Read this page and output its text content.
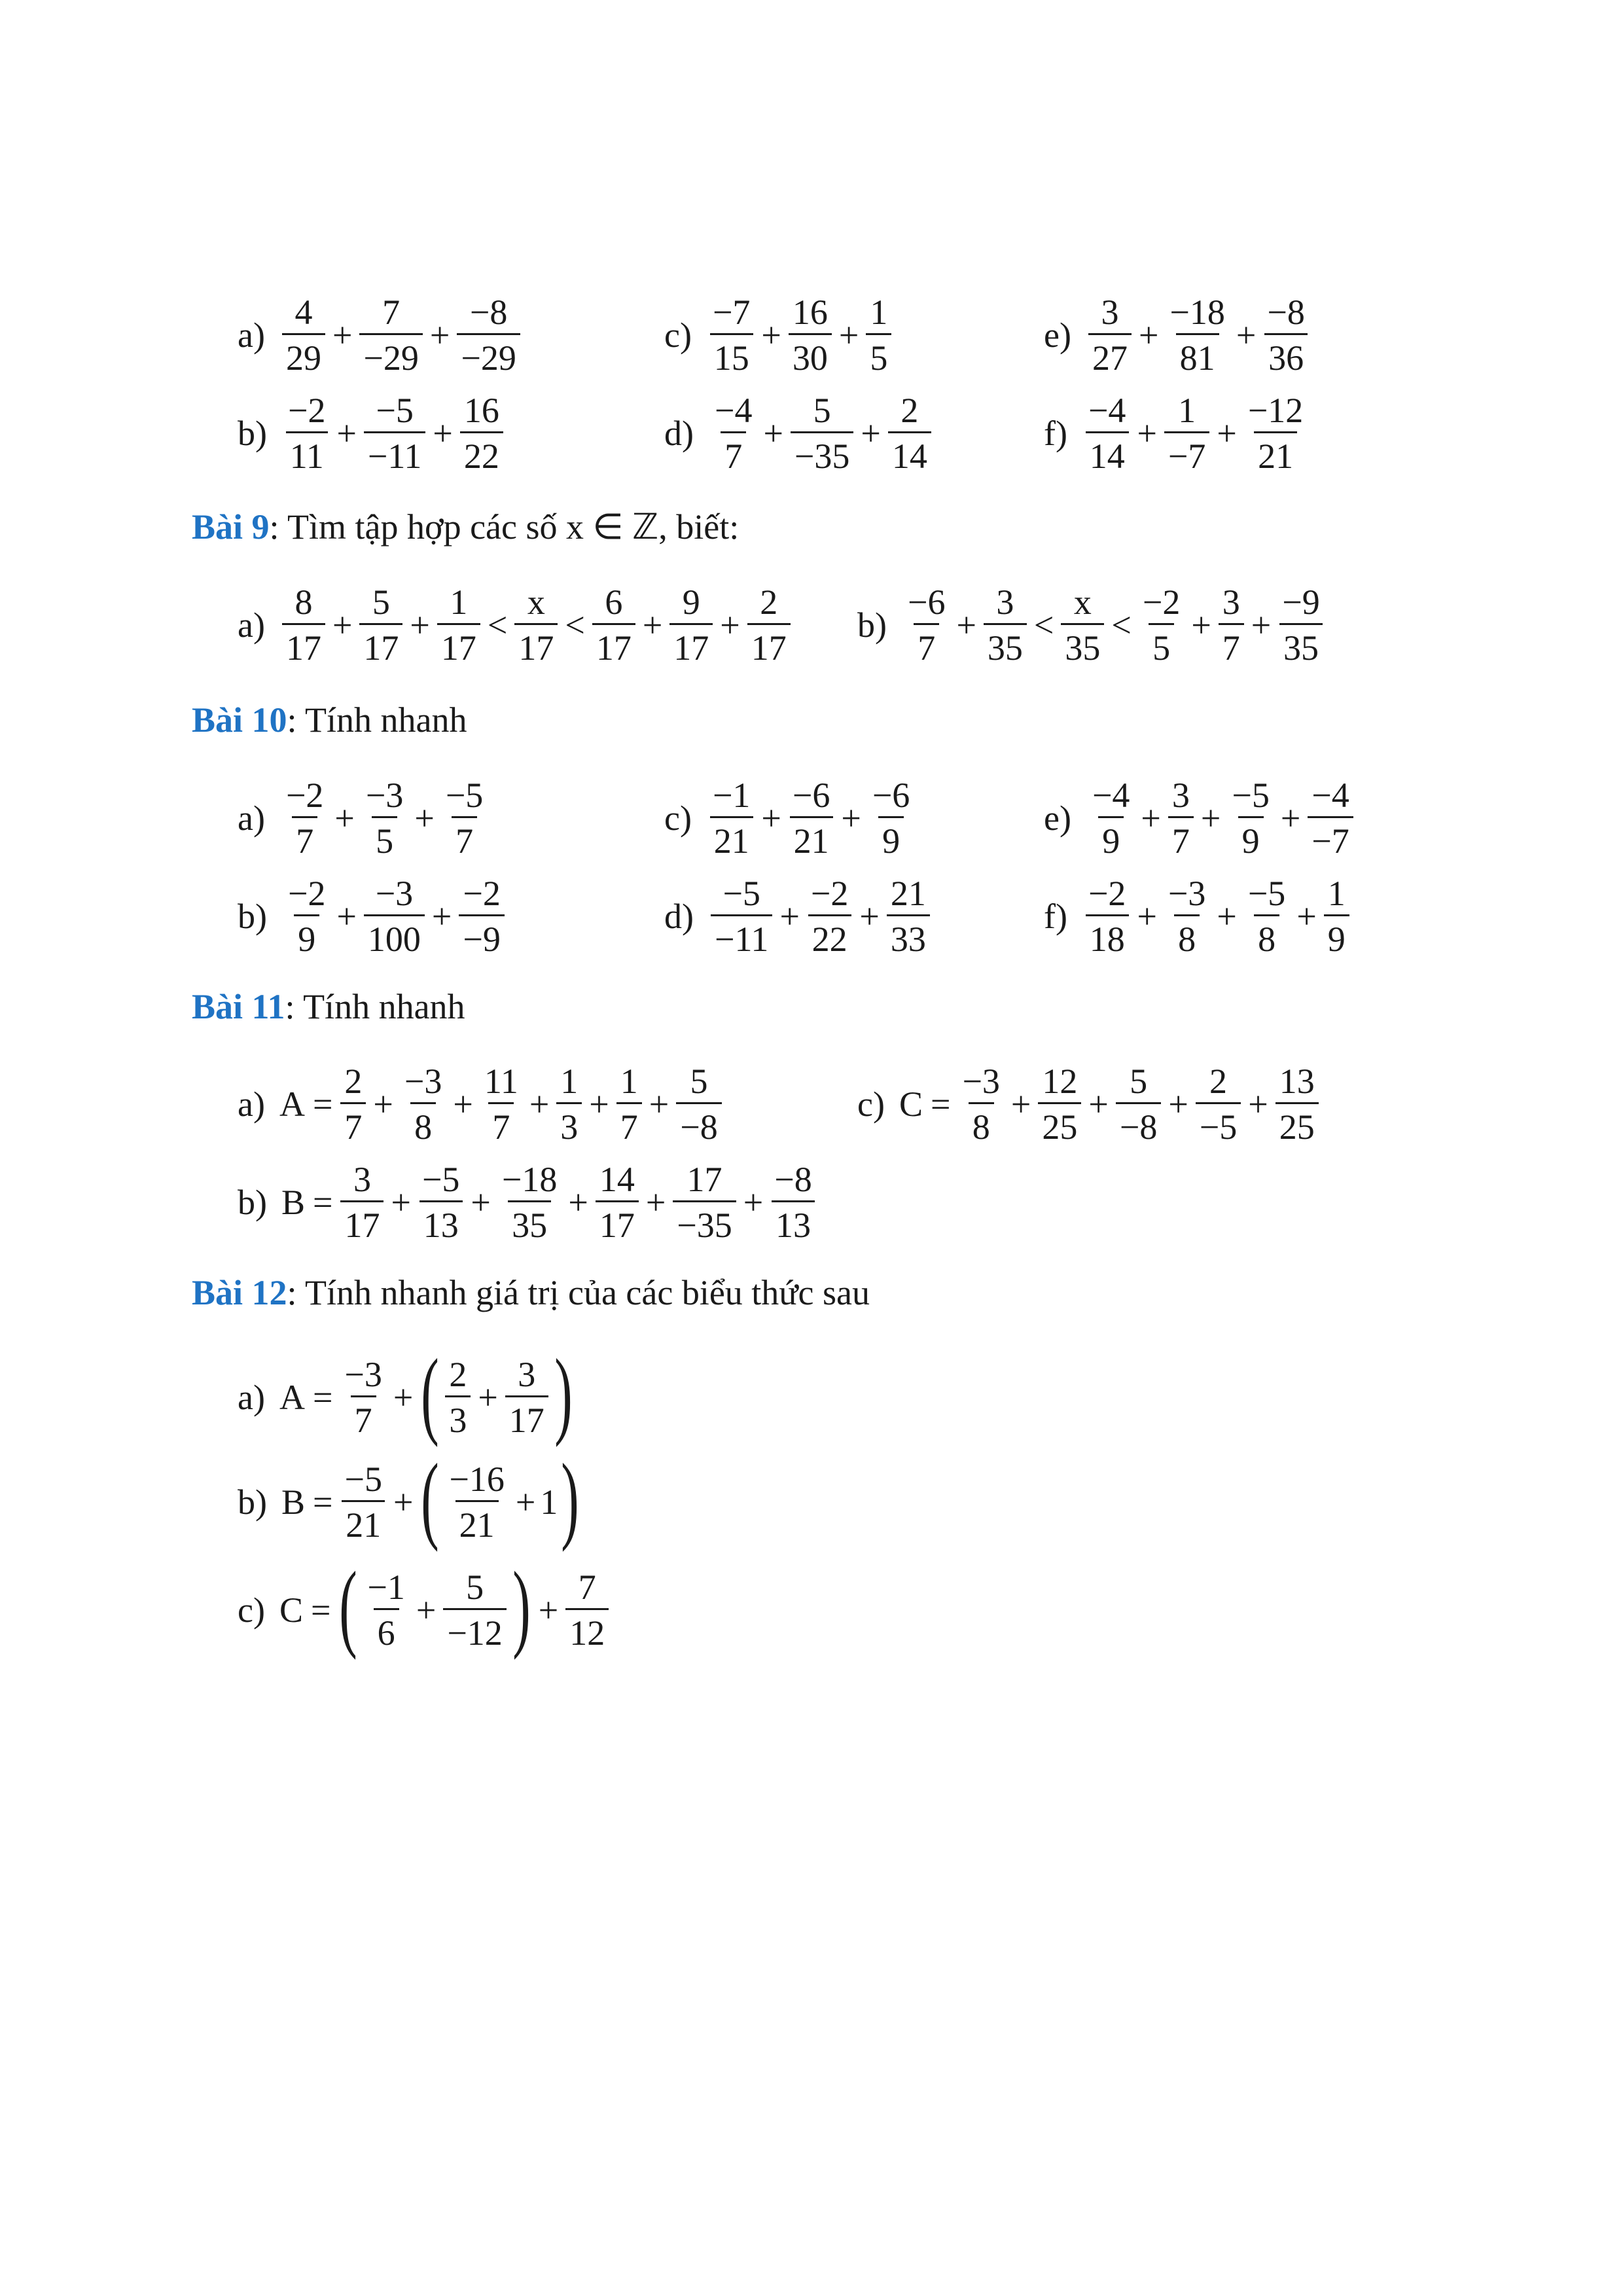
$a) \frac{4}{29} + \frac{7}{-29} + \frac{-8}{-29}$
$b) \frac{-2}{11} + \frac{-5}{-11} + \frac{16}{22}$
$c) \frac{-7}{15} + \frac{16}{30} + \frac{1}{5}$
$d) \frac{-4}{7} + \frac{5}{-35} + \frac{2}{14}$
$e) \frac{3}{27} + \frac{-18}{81} + \frac{-8}{36}$
$f) \frac{-4}{14} + \frac{1}{-7} + \frac{-12}{21}$
Bài 9: Tìm tập hợp các số x ∈ ℤ, biết:
$a) \frac{8}{17} + \frac{5}{17} + \frac{1}{17} < \frac{x}{17} < \frac{6}{17} + \frac{9}{17} + \frac{2}{17} b) \frac{-6}{7} + \frac{3}{35} < \frac{x}{35} < \frac{-2}{5} + \frac{3}{7} + \frac{-9}{35}$
Bài 10: Tính nhanh
$a) \frac{-2}{7} + \frac{-3}{5} + \frac{-5}{7}$
$b) \frac{-2}{9} + \frac{-3}{100} + \frac{-2}{-9}$
$c) \frac{-1}{21} + \frac{-6}{21} + \frac{-6}{9}$
$d) \frac{-5}{-11} + \frac{-2}{22} + \frac{21}{33}$
$e) \frac{-4}{9} + \frac{3}{7} + \frac{-5}{9} + \frac{-4}{-7}$
$f) \frac{-2}{18} + \frac{-3}{8} + \frac{-5}{8} + \frac{1}{9}$
Bài 11: Tính nhanh
a) $A = \frac{2}{7} + \frac{-3}{8} + \frac{11}{7} + \frac{1}{3} + \frac{1}{7} + \frac{5}{-8}$
b) $B = \frac{3}{17} + \frac{-5}{13} + \frac{-18}{35} + \frac{14}{17} + \frac{17}{-35} + \frac{-8}{13}$
c) $C = \frac{-3}{8} + \frac{12}{25} + \frac{5}{-8} + \frac{2}{-5} + \frac{13}{25}$
Bài 12: Tính nhanh giá trị của các biểu thức sau
a) $A = \frac{-3}{7}$ + ( $\frac{2}{3} + \frac{3}{17}$ )
b) $B = \frac{-5}{21}$ + ( $\frac{-16}{21} + 1$ )
c) C = ( $\frac{-1}{6} + \frac{5}{-12}$ ) + $\frac{7}{12}$
